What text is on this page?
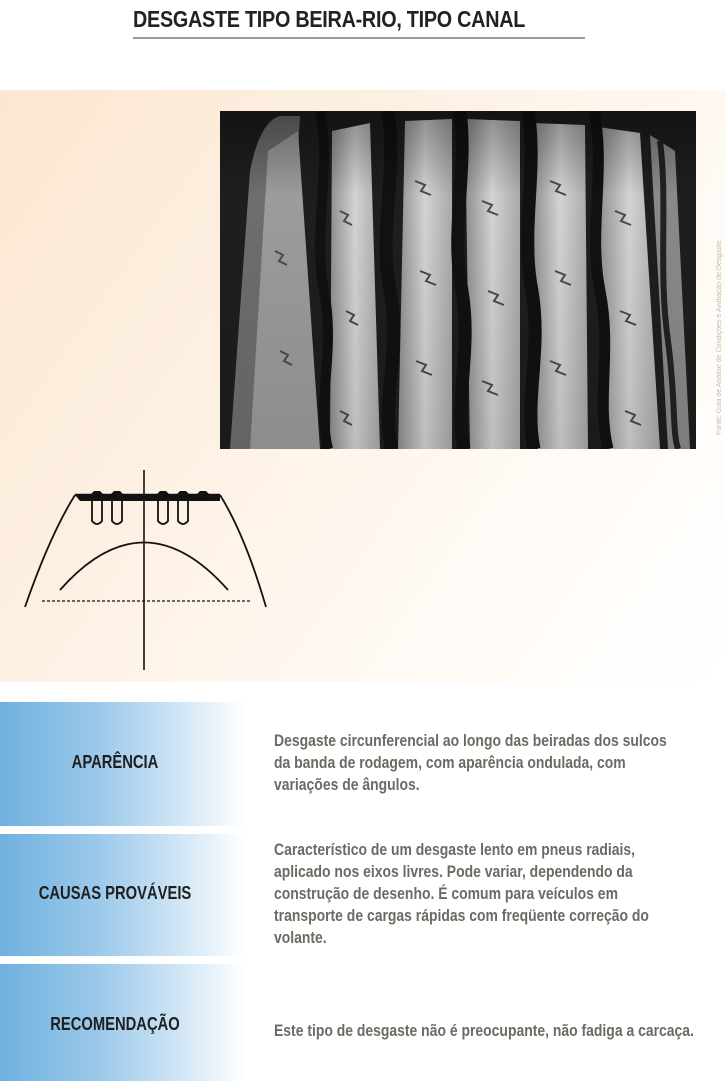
DESGASTE TIPO BEIRA-RIO, TIPO CANAL
Fonte: Guia de Análise de Condições e Avaliação de Desgaste
APARÊNCIA

Desgaste circunferencial ao longo das beiradas dos sulcos

da banda de rodagem, com aparência ondulada, com

variações de ângulos.

CAUSAS PROVÁVEIS

Característico de um desgaste lento em pneus radiais,

aplicado nos eixos livres. Pode variar, dependendo da

construção de desenho. É comum para veículos em

transporte de cargas rápidas com freqüente correção do

volante.

RECOMENDAÇÃO	Este tipo de desgaste não é preocupante, não fadiga a carcaça.
